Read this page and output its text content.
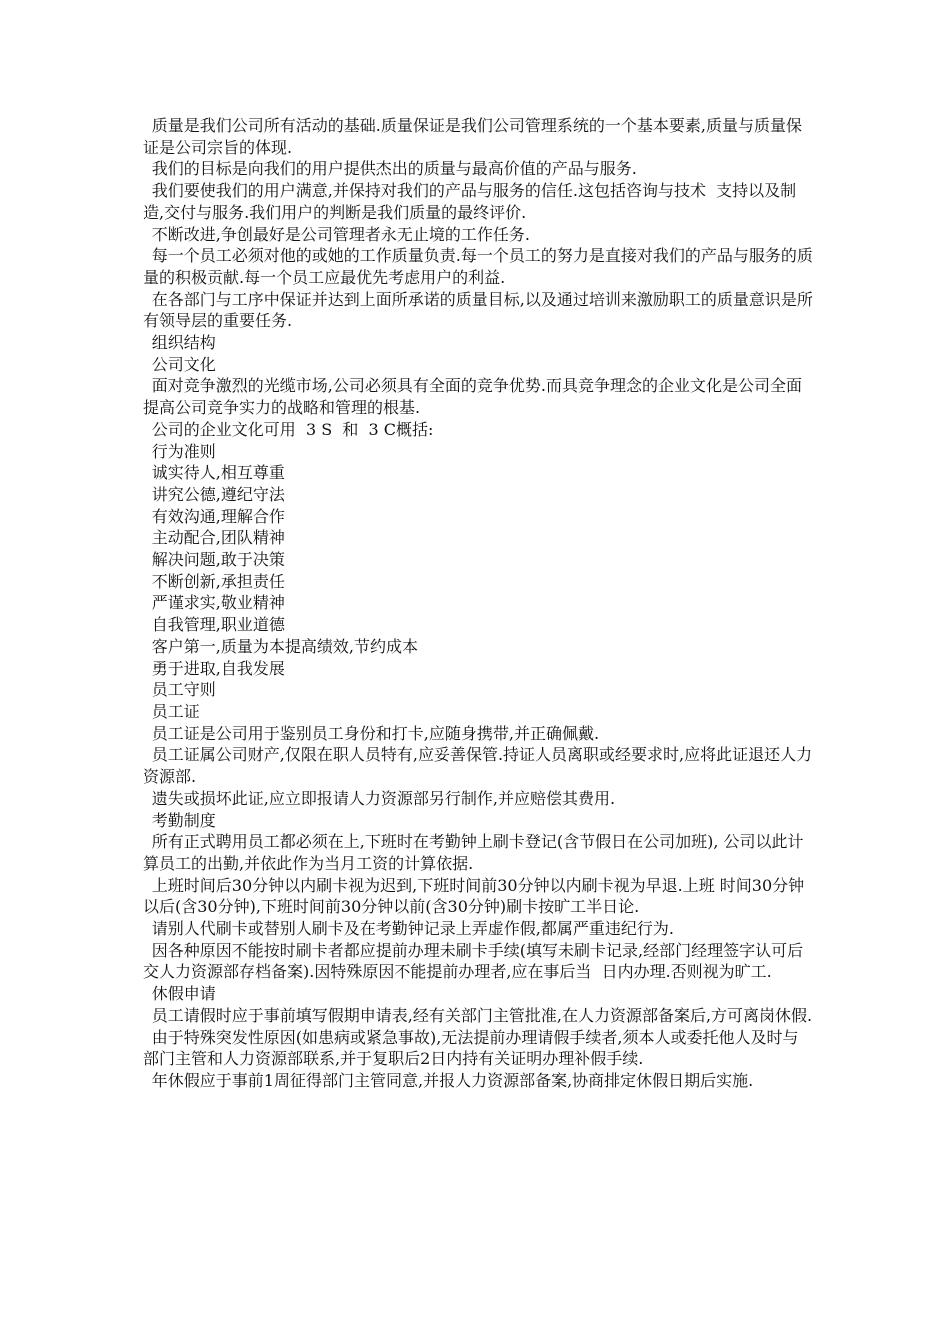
质量是我们公司所有活动的基础.质量保证是我们公司管理系统的一个基本要素,质量与质量保证是公司宗旨的体现.

我们的目标是向我们的用户提供杰出的质量与最高价值的产品与服务.

我们要使我们的用户满意,并保持对我们的产品与服务的信任.这包括咨询与技术  支持以及制造,交付与服务.我们用户的判断是我们质量的最终评价.

不断改进,争创最好是公司管理者永无止境的工作任务.

每一个员工必须对他的或她的工作质量负责.每一个员工的努力是直接对我们的产品与服务的质量的积极贡献.每一个员工应最优先考虑用户的利益.

在各部门与工序中保证并达到上面所承诺的质量目标,以及通过培训来激励职工的质量意识是所有领导层的重要任务.

组织结构

公司文化

面对竞争激烈的光缆市场,公司必须具有全面的竞争优势.而具竞争理念的企业文化是公司全面提高公司竞争实力的战略和管理的根基.

公司的企业文化可用  3 S  和  3 C概括:

行为准则

诚实待人,相互尊重

讲究公德,遵纪守法

有效沟通,理解合作

主动配合,团队精神

解决问题,敢于决策

不断创新,承担责任

严谨求实,敬业精神

自我管理,职业道德

客户第一,质量为本提高绩效,节约成本

勇于进取,自我发展

员工守则

员工证

员工证是公司用于鉴别员工身份和打卡,应随身携带,并正确佩戴.

员工证属公司财产,仅限在职人员特有,应妥善保管.持证人员离职或经要求时,应将此证退还人力资源部.

遗失或损坏此证,应立即报请人力资源部另行制作,并应赔偿其费用.

考勤制度

所有正式聘用员工都必须在上,下班时在考勤钟上刷卡登记(含节假日在公司加班), 公司以此计算员工的出勤,并依此作为当月工资的计算依据.

上班时间后30分钟以内刷卡视为迟到,下班时间前30分钟以内刷卡视为早退.上班 时间30分钟以后(含30分钟),下班时间前30分钟以前(含30分钟)刷卡按旷工半日论.

请别人代刷卡或替别人刷卡及在考勤钟记录上弄虚作假,都属严重违纪行为.

因各种原因不能按时刷卡者都应提前办理未刷卡手续(填写未刷卡记录,经部门经理签字认可后交人力资源部存档备案).因特殊原因不能提前办理者,应在事后当  日内办理.否则视为旷工.

休假申请

员工请假时应于事前填写假期申请表,经有关部门主管批准,在人力资源部备案后,方可离岗休假.

由于特殊突发性原因(如患病或紧急事故),无法提前办理请假手续者,须本人或委托他人及时与部门主管和人力资源部联系,并于复职后2日内持有关证明办理补假手续.

年休假应于事前1周征得部门主管同意,并报人力资源部备案,协商排定休假日期后实施.
